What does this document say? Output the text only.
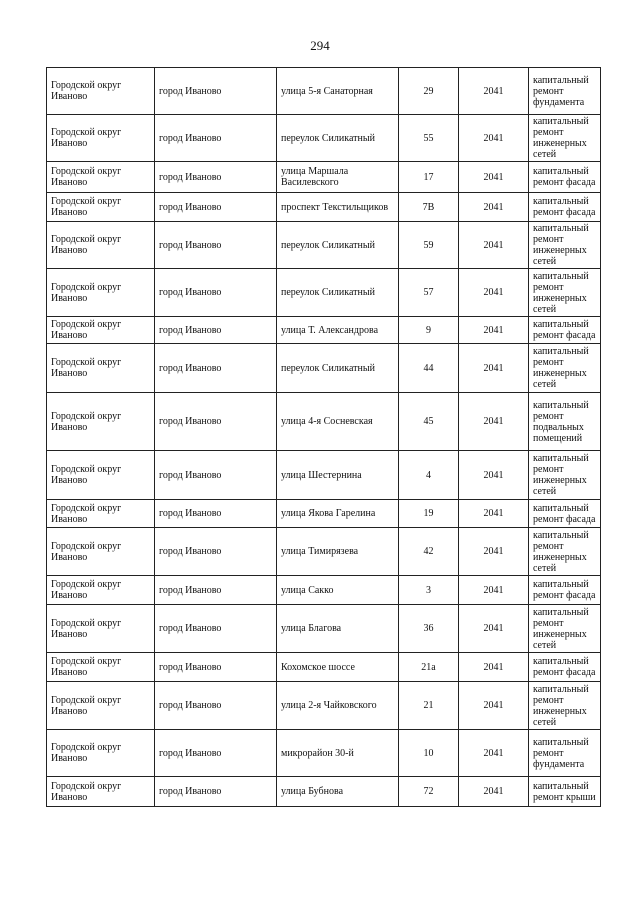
294
Городской округ Иваново	город Иваново	улица 5-я Санаторная	29	2041	капитальный ремонт фундамента
Городской округ Иваново	город Иваново	переулок Силикатный	55	2041	капитальный ремонт инженерных сетей
Городской округ Иваново	город Иваново	улица Маршала Василевского	17	2041	капитальный ремонт фасада
Городской округ Иваново	город Иваново	проспект Текстильщиков	7В	2041	капитальный ремонт фасада
Городской округ Иваново	город Иваново	переулок Силикатный	59	2041	капитальный ремонт инженерных сетей
Городской округ Иваново	город Иваново	переулок Силикатный	57	2041	капитальный ремонт инженерных сетей
Городской округ Иваново	город Иваново	улица Т. Александрова	9	2041	капитальный ремонт фасада
Городской округ Иваново	город Иваново	переулок Силикатный	44	2041	капитальный ремонт инженерных сетей
Городской округ Иваново	город Иваново	улица 4-я Сосневская	45	2041	капитальный ремонт подвальных помещений
Городской округ Иваново	город Иваново	улица Шестернина	4	2041	капитальный ремонт инженерных сетей
Городской округ Иваново	город Иваново	улица Якова Гарелина	19	2041	капитальный ремонт фасада
Городской округ Иваново	город Иваново	улица Тимирязева	42	2041	капитальный ремонт инженерных сетей
Городской округ Иваново	город Иваново	улица Сакко	3	2041	капитальный ремонт фасада
Городской округ Иваново	город Иваново	улица Благова	36	2041	капитальный ремонт инженерных сетей
Городской округ Иваново	город Иваново	Кохомское шоссе	21а	2041	капитальный ремонт фасада
Городской округ Иваново	город Иваново	улица 2-я Чайковского	21	2041	капитальный ремонт инженерных сетей
Городской округ Иваново	город Иваново	микрорайон 30-й	10	2041	капитальный ремонт фундамента
Городской округ Иваново	город Иваново	улица Бубнова	72	2041	капитальный ремонт крыши
